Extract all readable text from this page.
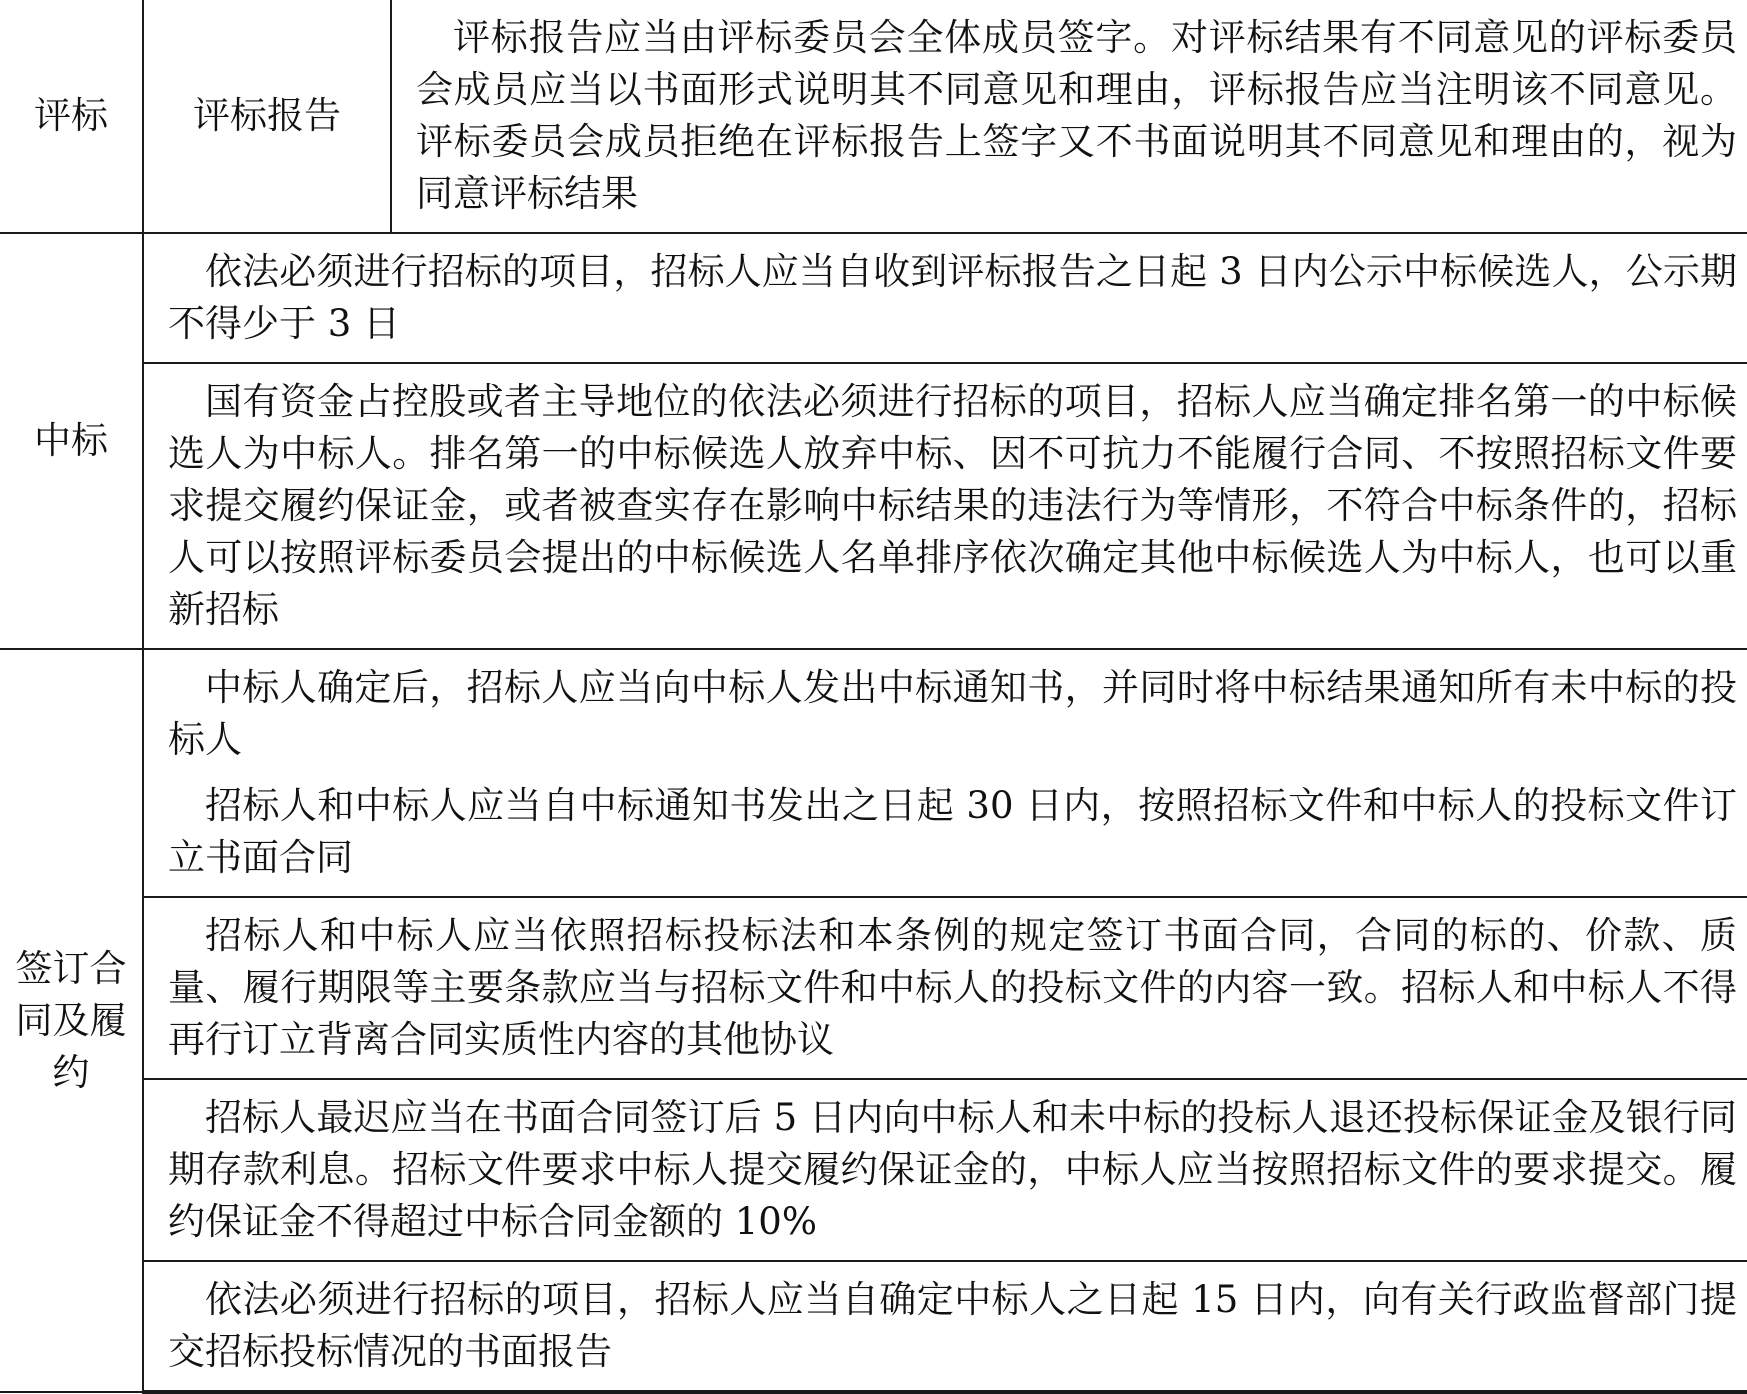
评标	评标报告	评标报告应当由评标委员会全体成员签字。对评标结果有不同意见的评标委员会成员应当以书面形式说明其不同意见和理由，评标报告应当注明该不同意见。评标委员会成员拒绝在评标报告上签字又不书面说明其不同意见和理由的，视为同意评标结果

中标	依法必须进行招标的项目，招标人应当自收到评标报告之日起 3 日内公示中标候选人，公示期不得少于 3 日	

	国有资金占控股或者主导地位的依法必须进行招标的项目，招标人应当确定排名第一的中标候选人为中标人。排名第一的中标候选人放弃中标、因不可抗力不能履行合同、不按照招标文件要求提交履约保证金，或者被查实存在影响中标结果的违法行为等情形，不符合中标条件的，招标人可以按照评标委员会提出的中标候选人名单排序依次确定其他中标候选人为中标人，也可以重新招标	

签订合同及履约	中标人确定后，招标人应当向中标人发出中标通知书，并同时将中标结果通知所有未中标的投标人

招标人和中标人应当自中标通知书发出之日起 30 日内，按照招标文件和中标人的投标文件订立书面合同	

	招标人和中标人应当依照招标投标法和本条例的规定签订书面合同，合同的标的、价款、质量、履行期限等主要条款应当与招标文件和中标人的投标文件的内容一致。招标人和中标人不得再行订立背离合同实质性内容的其他协议	

	招标人最迟应当在书面合同签订后 5 日内向中标人和未中标的投标人退还投标保证金及银行同期存款利息。招标文件要求中标人提交履约保证金的，中标人应当按照招标文件的要求提交。履约保证金不得超过中标合同金额的 10%	

	依法必须进行招标的项目，招标人应当自确定中标人之日起 15 日内，向有关行政监督部门提交招标投标情况的书面报告	
